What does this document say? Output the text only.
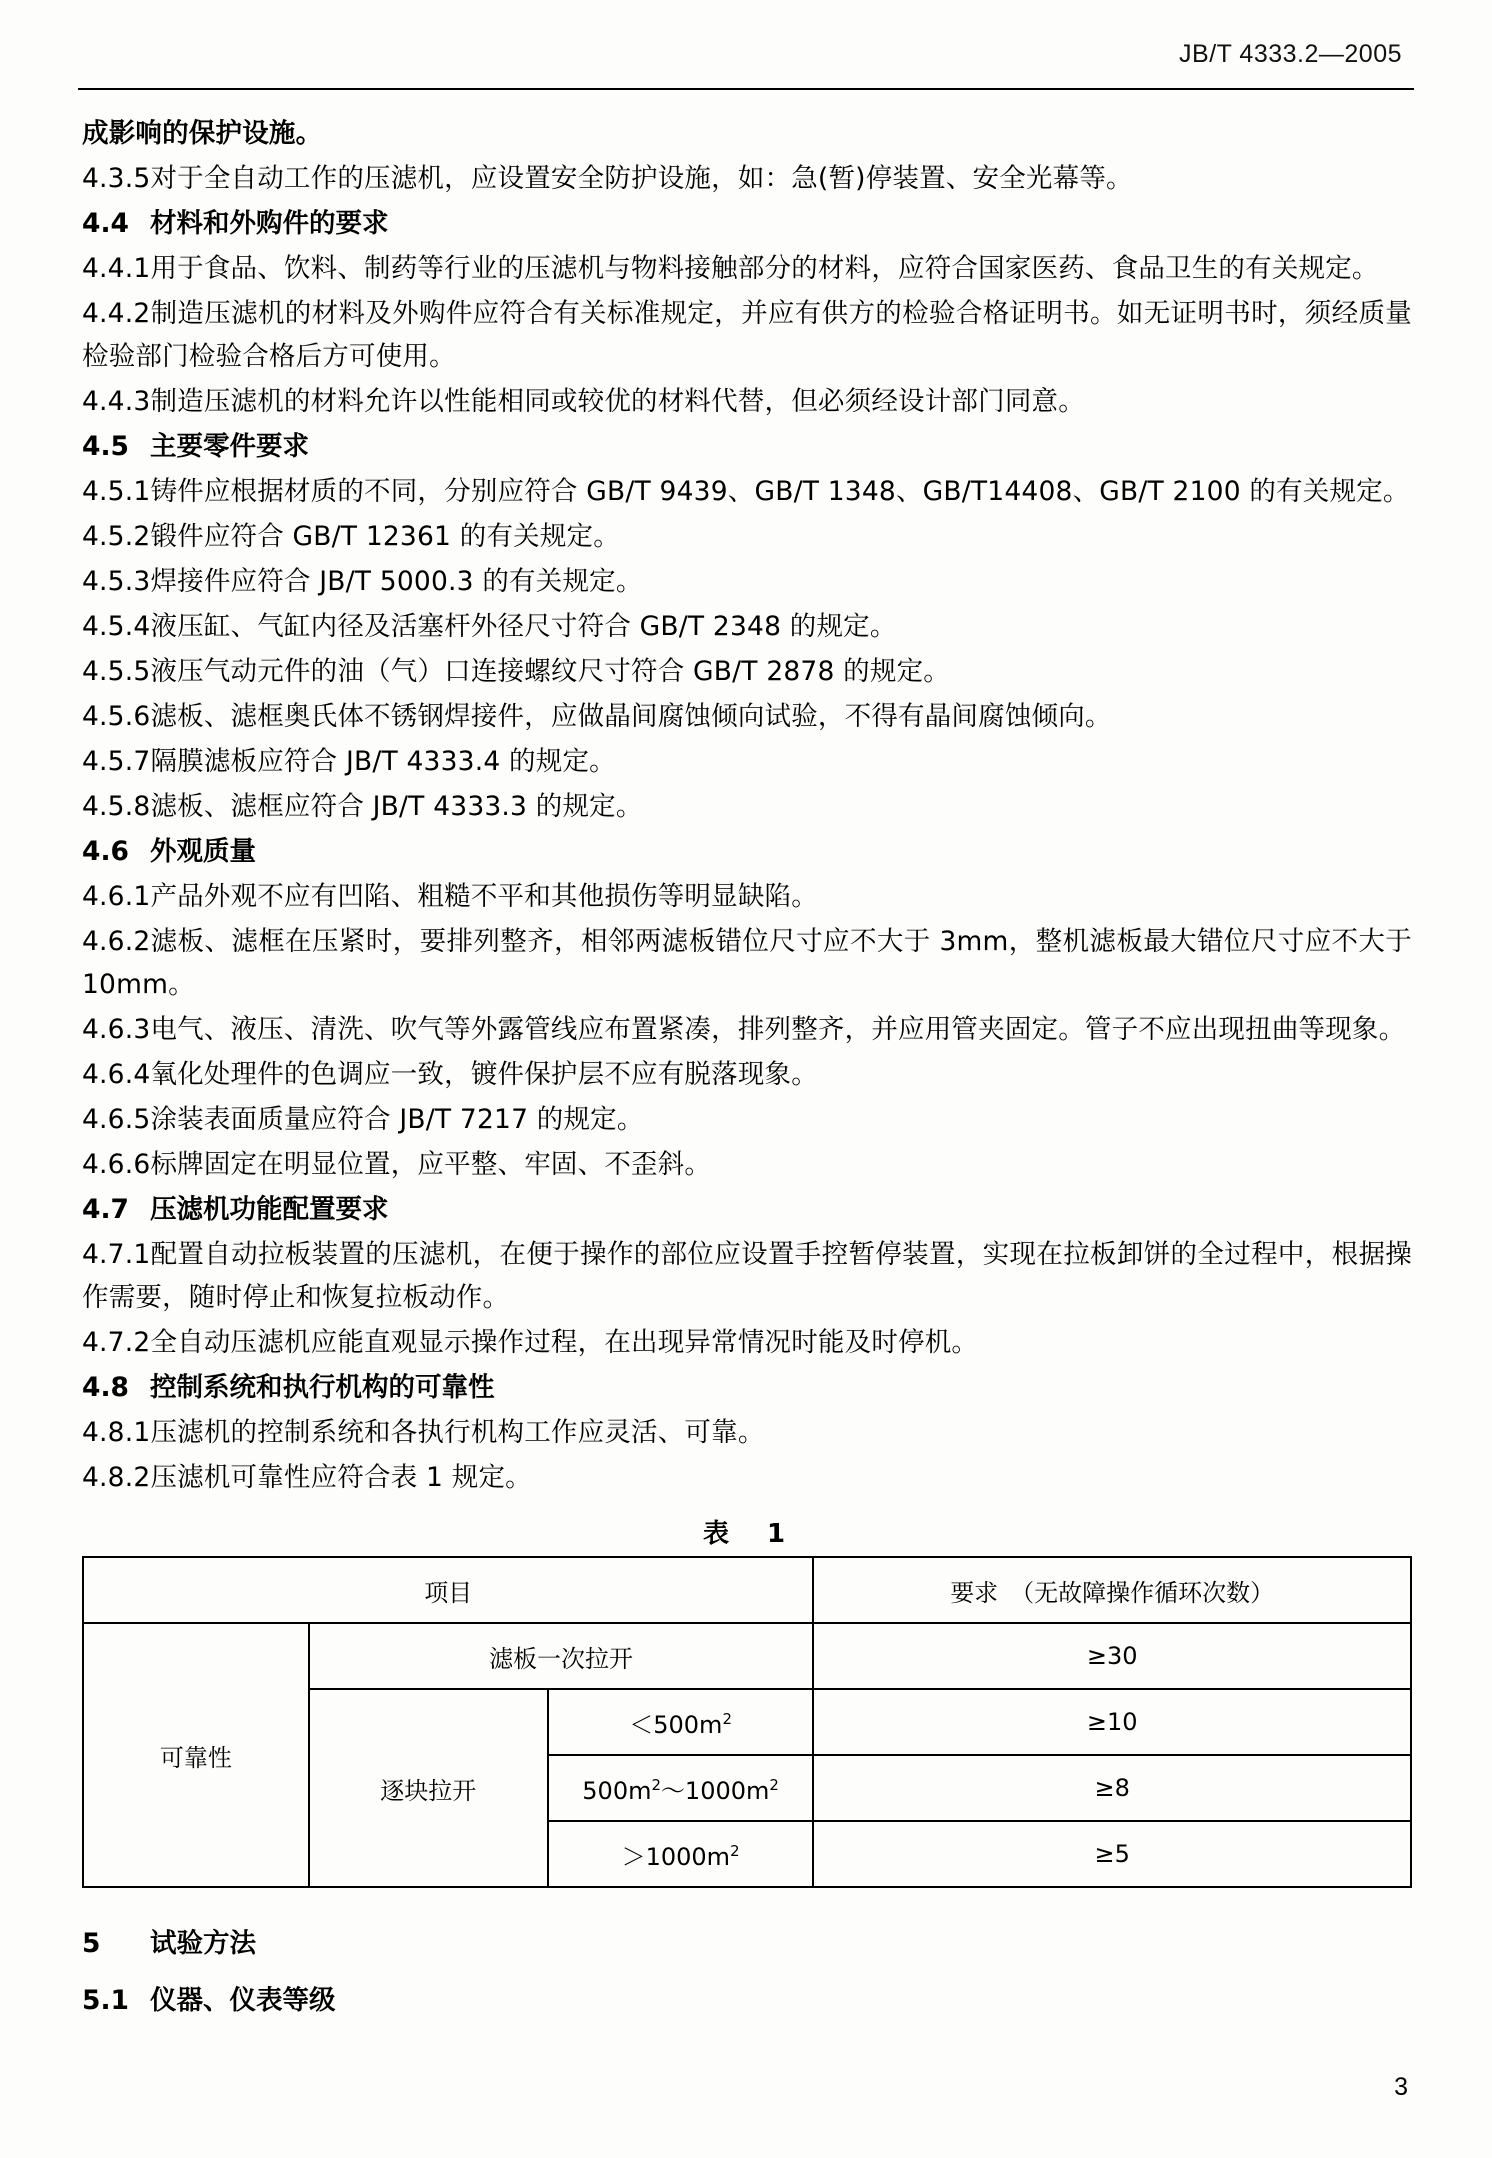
JB/T 4333.2—2005

成影响的保护设施。

4.3.5对于全自动工作的压滤机，应设置安全防护设施，如：急(暂)停装置、安全光幕等。

4.4 材料和外购件的要求

4.4.1用于食品、饮料、制药等行业的压滤机与物料接触部分的材料，应符合国家医药、食品卫生的有关规定。

4.4.2制造压滤机的材料及外购件应符合有关标准规定，并应有供方的检验合格证明书。如无证明书时，须经质量检验部门检验合格后方可使用。

4.4.3制造压滤机的材料允许以性能相同或较优的材料代替，但必须经设计部门同意。

4.5 主要零件要求

4.5.1铸件应根据材质的不同，分别应符合 GB/T 9439、GB/T 1348、GB/T14408、GB/T 2100 的有关规定。

4.5.2锻件应符合 GB/T 12361 的有关规定。

4.5.3焊接件应符合 JB/T 5000.3 的有关规定。

4.5.4液压缸、气缸内径及活塞杆外径尺寸符合 GB/T 2348 的规定。

4.5.5液压气动元件的油（气）口连接螺纹尺寸符合 GB/T 2878 的规定。

4.5.6滤板、滤框奥氏体不锈钢焊接件，应做晶间腐蚀倾向试验，不得有晶间腐蚀倾向。

4.5.7隔膜滤板应符合 JB/T 4333.4 的规定。

4.5.8滤板、滤框应符合 JB/T 4333.3 的规定。

4.6 外观质量

4.6.1产品外观不应有凹陷、粗糙不平和其他损伤等明显缺陷。

4.6.2滤板、滤框在压紧时，要排列整齐，相邻两滤板错位尺寸应不大于 3mm，整机滤板最大错位尺寸应不大于 10mm。

4.6.3电气、液压、清洗、吹气等外露管线应布置紧凑，排列整齐，并应用管夹固定。管子不应出现扭曲等现象。

4.6.4氧化处理件的色调应一致，镀件保护层不应有脱落现象。

4.6.5涂装表面质量应符合 JB/T 7217 的规定。

4.6.6标牌固定在明显位置，应平整、牢固、不歪斜。

4.7 压滤机功能配置要求

4.7.1配置自动拉板装置的压滤机，在便于操作的部位应设置手控暂停装置，实现在拉板卸饼的全过程中，根据操作需要，随时停止和恢复拉板动作。

4.7.2全自动压滤机应能直观显示操作过程，在出现异常情况时能及时停机。

4.8 控制系统和执行机构的可靠性

4.8.1压滤机的控制系统和各执行机构工作应灵活、可靠。

4.8.2压滤机可靠性应符合表 1 规定。

表　1
项目			要求　（无故障操作循环次数）
可靠性	滤板一次拉开		≥30
	逐块拉开	$<500m^2$	≥10
		$500m^2\sim 1000m^2$	≥8
		$>1000m^2$	≥5

5 试验方法

5.1 仪器、仪表等级

3
